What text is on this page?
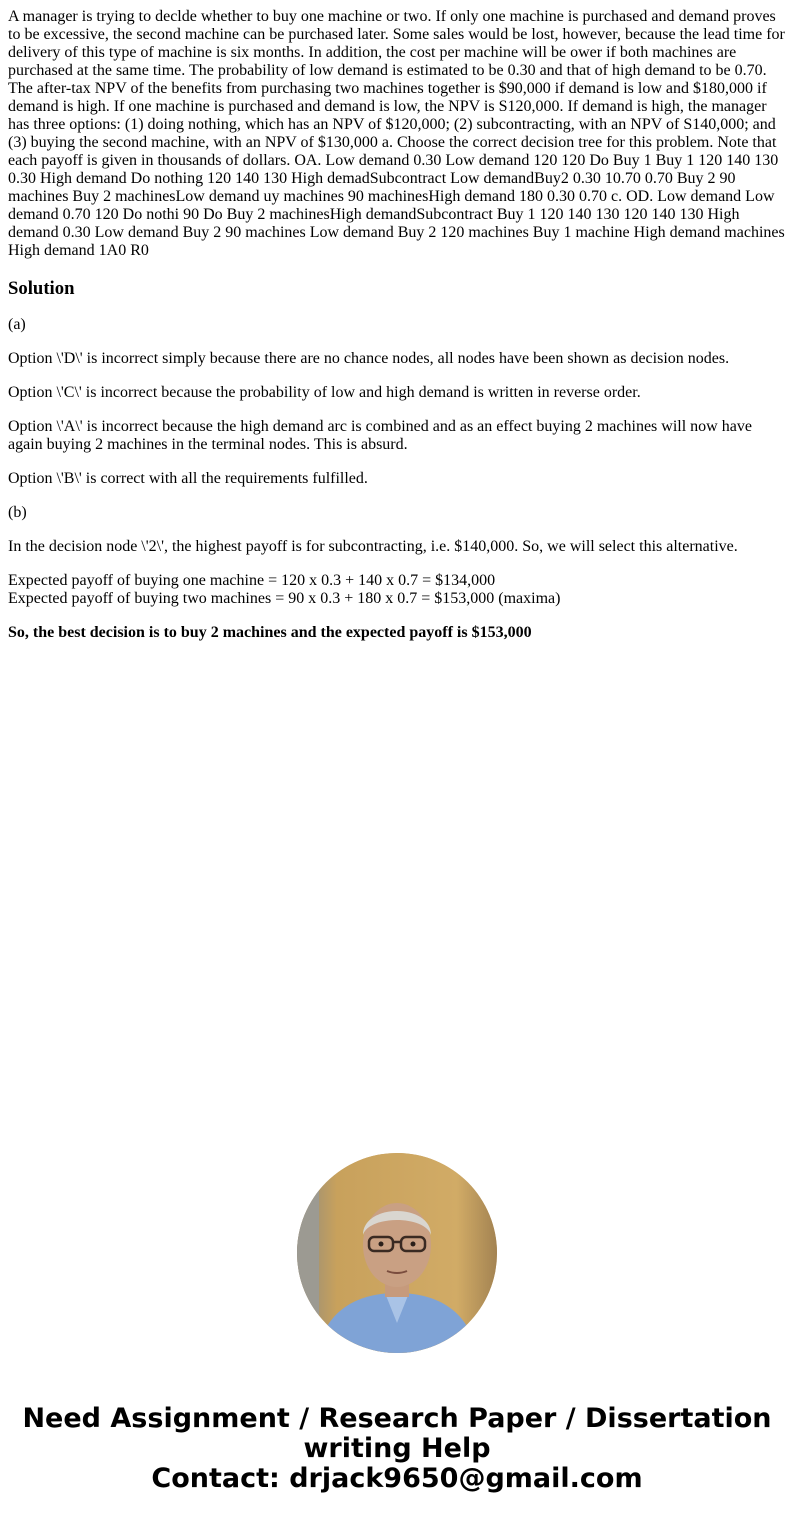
A manager is trying to declde whether to buy one machine or two. If only one machine is purchased and demand proves to be excessive, the second machine can be purchased later. Some sales would be lost, however, because the lead time for delivery of this type of machine is six months. In addition, the cost per machine will be ower if both machines are purchased at the same time. The probability of low demand is estimated to be 0.30 and that of high demand to be 0.70. The after-tax NPV of the benefits from purchasing two machines together is $90,000 if demand is low and $180,000 if demand is high. If one machine is purchased and demand is low, the NPV is S120,000. If demand is high, the manager has three options: (1) doing nothing, which has an NPV of $120,000; (2) subcontracting, with an NPV of S140,000; and (3) buying the second machine, with an NPV of $130,000 a. Choose the correct decision tree for this problem. Note that each payoff is given in thousands of dollars. OA. Low demand 0.30 Low demand 120 120 Do Buy 1 Buy 1 120 140 130 0.30 High demand Do nothing 120 140 130 High demadSubcontract Low demandBuy2 0.30 10.70 0.70 Buy 2 90 machines Buy 2 machinesLow demand uy machines 90 machinesHigh demand 180 0.30 0.70 c. OD. Low demand Low demand 0.70 120 Do nothi 90 Do Buy 2 machinesHigh demandSubcontract Buy 1 120 140 130 120 140 130 High demand 0.30 Low demand Buy 2 90 machines Low demand Buy 2 120 machines Buy 1 machine High demand machines High demand 1A0 R0
Solution

(a)

Option \'D\' is incorrect simply because there are no chance nodes, all nodes have been shown as decision nodes.

Option \'C\' is incorrect because the probability of low and high demand is written in reverse order.

Option \'A\' is incorrect because the high demand arc is combined and as an effect buying 2 machines will now have again buying 2 machines in the terminal nodes. This is absurd.

Option \'B\' is correct with all the requirements fulfilled.

(b)

In the decision node \'2\', the highest payoff is for subcontracting, i.e. $140,000. So, we will select this alternative.

Expected payoff of buying one machine = 120 x 0.3 + 140 x 0.7 = $134,000
Expected payoff of buying two machines = 90 x 0.3 + 180 x 0.7 = $153,000 (maxima)

So, the best decision is to buy 2 machines and the expected payoff is $153,000

Need Assignment / Research Paper / Dissertation
writing Help
Contact: drjack9650@gmail.com
